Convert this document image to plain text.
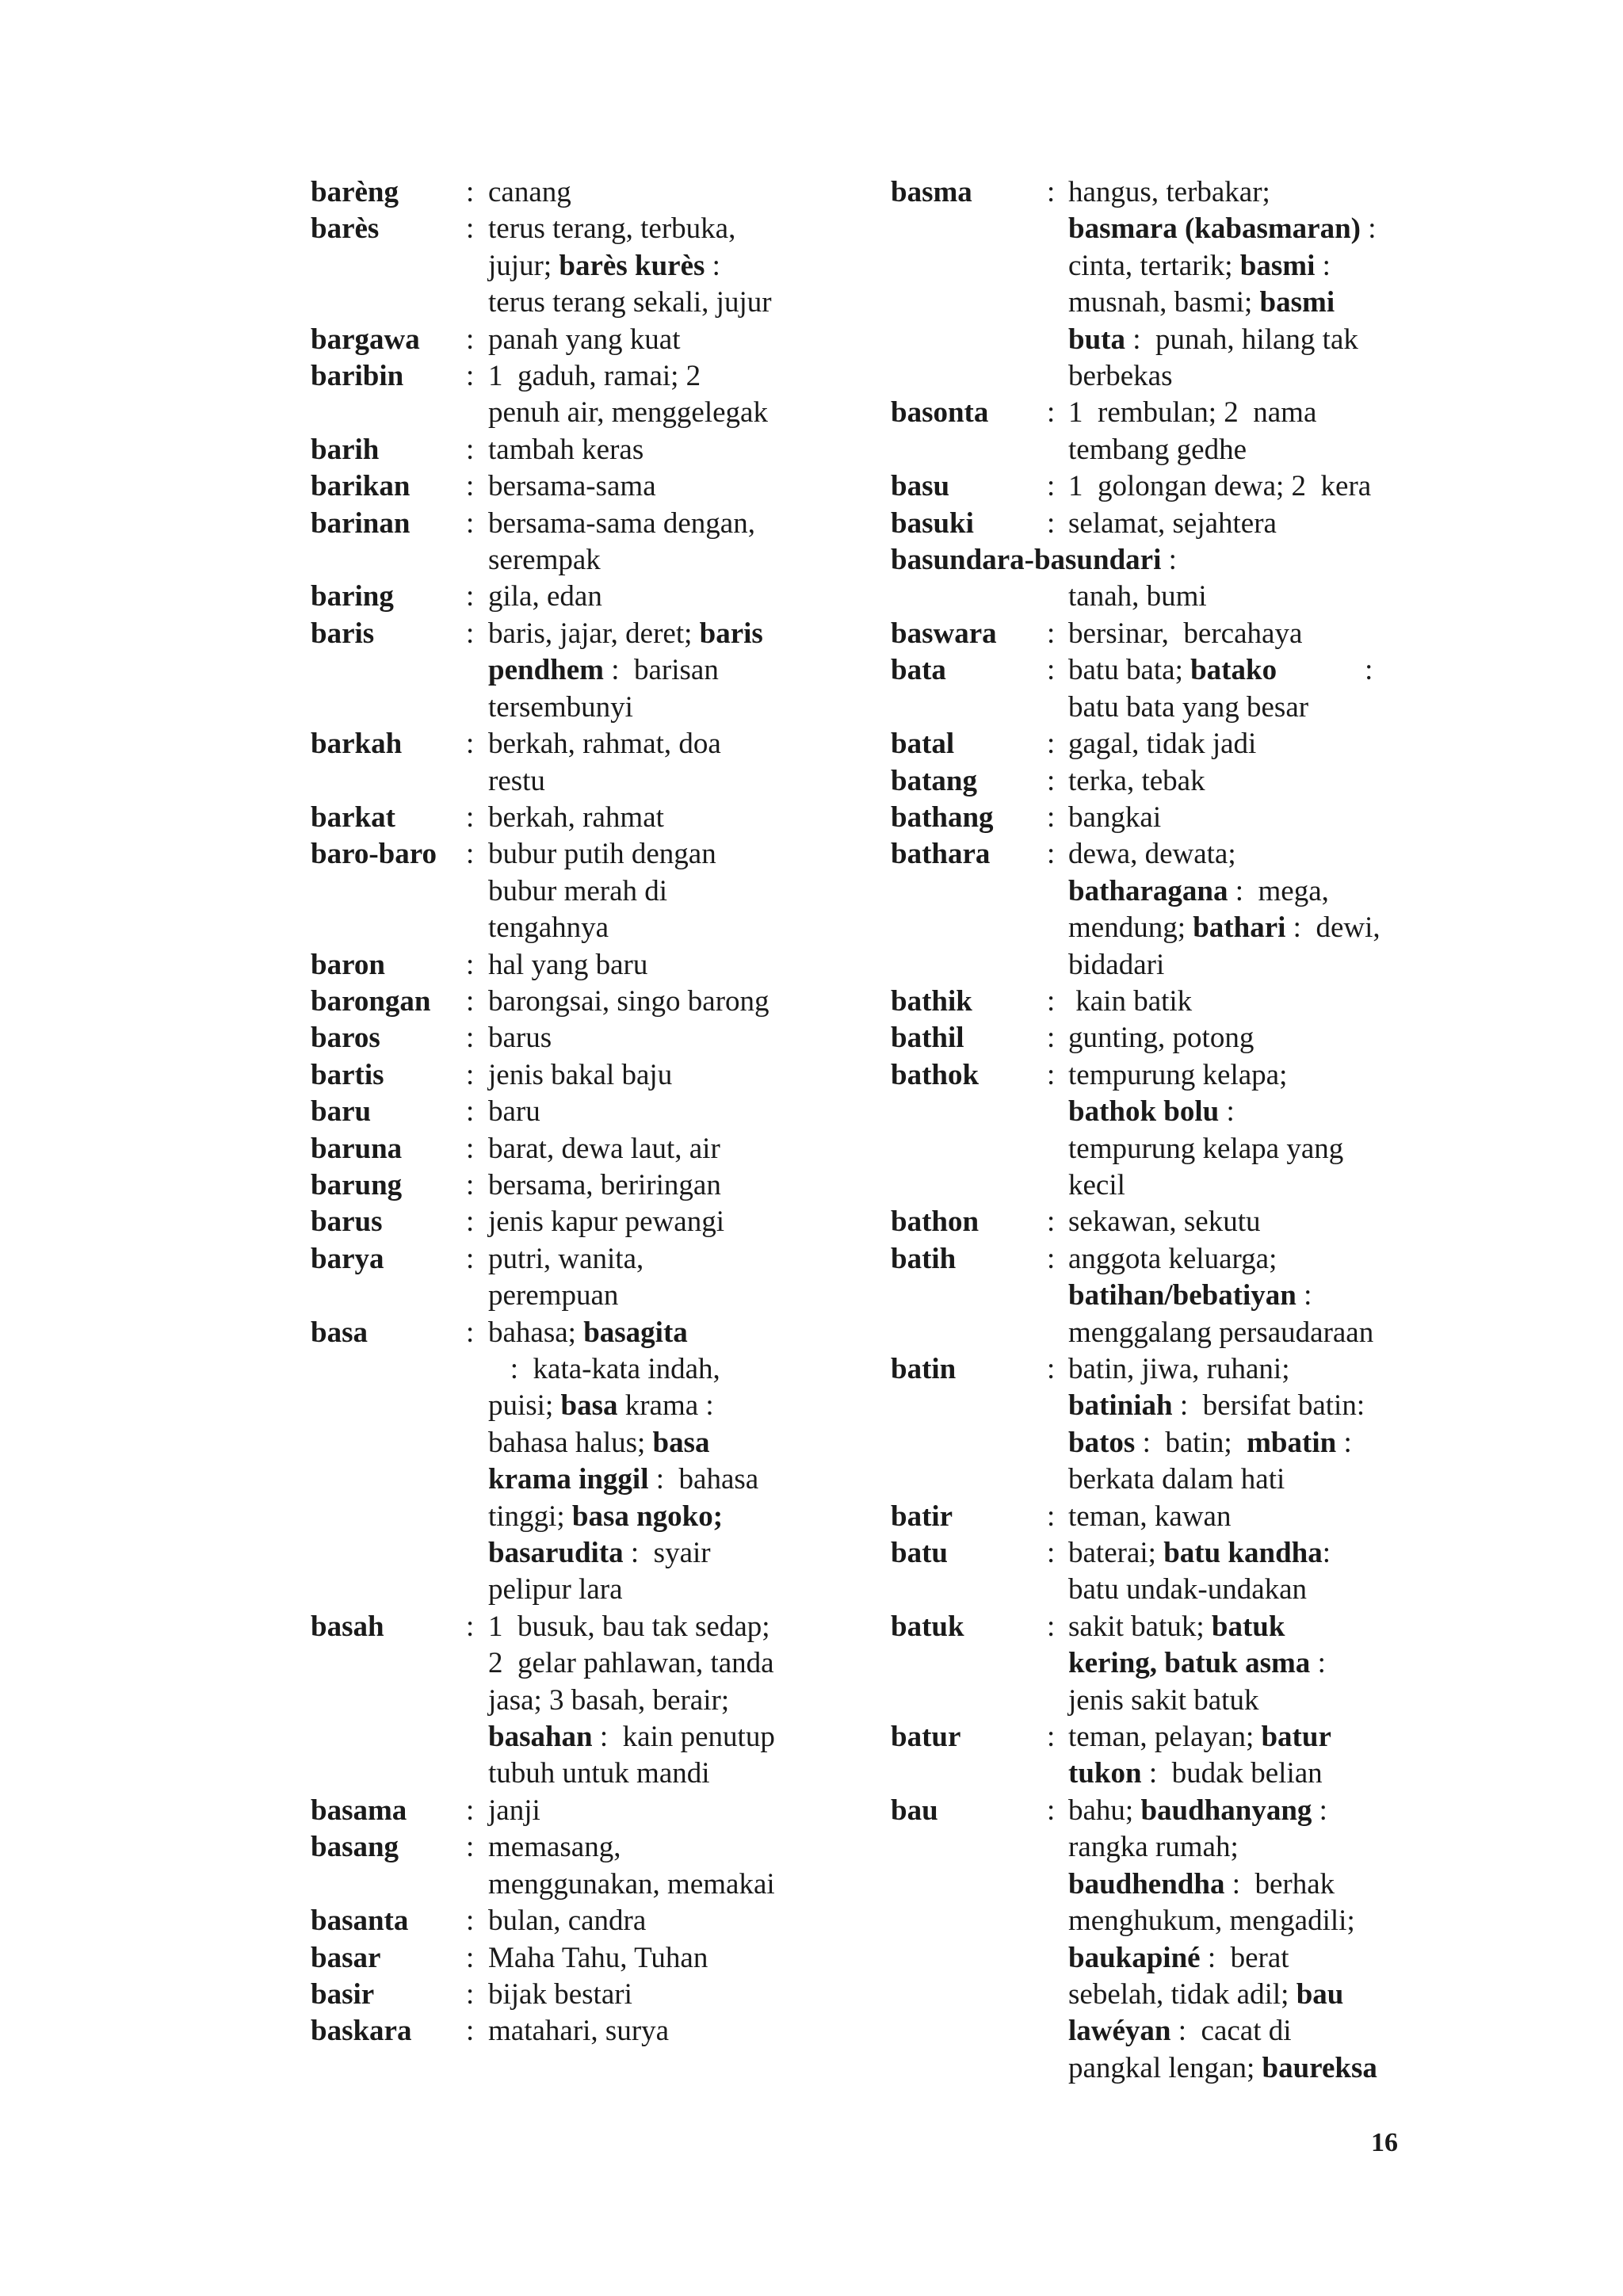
barèng : canang
barès	: terus terang, terbuka,
jujur; barès kurès :
terus terang sekali, jujur
bargawa : panah yang kuat
baribin : 1  gaduh, ramai; 2
penuh air, menggelegak
barih	: tambah keras
barikan : bersama-sama
barinan : bersama-sama dengan,
serempak
baring : gila, edan
baris	: baris, jajar, deret; baris
pendhem :  barisan
tersembunyi
barkah : berkah, rahmat, doa
restu
barkat : berkah, rahmat
baro-baro : bubur putih dengan
bubur merah di
tengahnya
baron	: hal yang baru
barongan : barongsai, singo barong
baros	: barus
bartis	: jenis bakal baju
baru	: baru
baruna : barat, dewa laut, air
barung : bersama, beriringan
barus	: jenis kapur pewangi
barya	: putri, wanita,
perempuan
basa	: bahasa; basagita
:  kata-kata indah,
puisi; basa krama :
bahasa halus; basa
krama inggil :  bahasa
tinggi; basa ngoko;
basarudita :  syair
pelipur lara
basah	: 1  busuk, bau tak sedap;
2  gelar pahlawan, tanda
jasa; 3 basah, berair;
basahan :  kain penutup
tubuh untuk mandi
basama : janji
basang : memasang,
menggunakan, memakai
basanta : bulan, candra
basar	: Maha Tahu, Tuhan
basir	: bijak bestari
baskara : matahari, surya
basma	: hangus, terbakar;
basmara (kabasmaran) :
cinta, tertarik; basmi :
musnah, basmi; basmi
buta :  punah, hilang tak
berbekas
basonta : 1  rembulan; 2  nama
tembang gedhe
basu	: 1  golongan dewa; 2  kera
basuki : selamat, sejahtera
basundara-basundari : tanah, bumi
baswara : bersinar,  bercahaya
bata	: batu bata; batako            :
batu bata yang besar
batal	: gagal, tidak jadi
batang : terka, tebak
bathang : bangkai
bathara : dewa, dewata;
batharagana :  mega,
mendung; bathari :  dewi,
bidadari
bathik	: kain batik
bathil	: gunting, potong
bathok : tempurung kelapa;
bathok bolu :
tempurung kelapa yang
kecil
bathon : sekawan, sekutu
batih	: anggota keluarga;
batihan/bebatiyan :
menggalang persaudaraan
batin	: batin, jiwa, ruhani;
batiniah :  bersifat batin:
batos :  batin;  mbatin :
berkata dalam hati
batir	: teman, kawan
batu	: baterai; batu kandha:
batu undak-undakan
batuk	: sakit batuk; batuk
kering, batuk asma :
jenis sakit batuk
batur	: teman, pelayan; batur
tukon :  budak belian
bau	: bahu; baudhanyang :
rangka rumah;
baudhendha :  berhak
menghukum, mengadili;
baukapiné :  berat
sebelah, tidak adil; bau
lawéyan :  cacat di
pangkal lengan; baureksa
16
